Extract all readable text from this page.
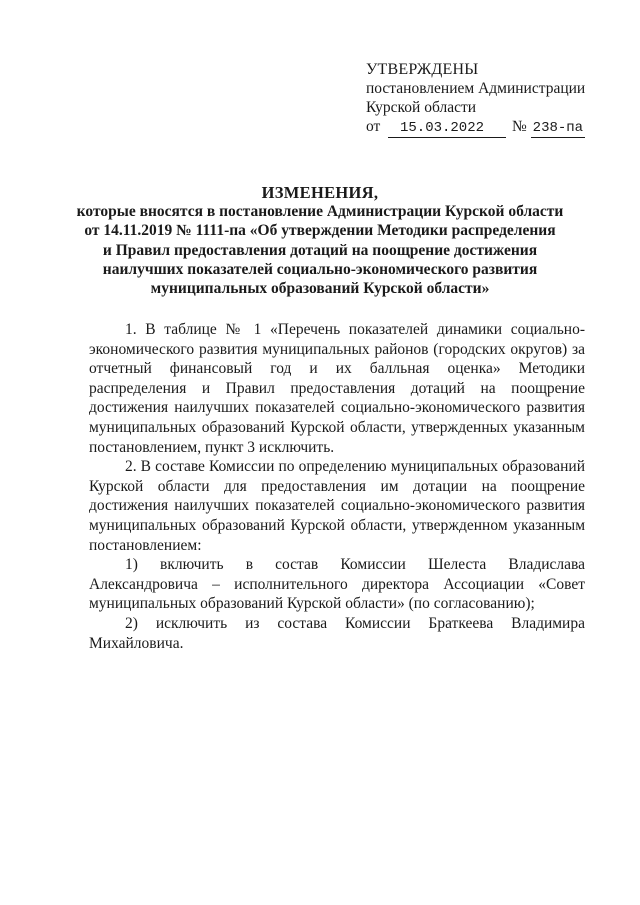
УТВЕРЖДЕНЫ
постановлением Администрации
Курской области
от 15.03.2022 № 238-па
ИЗМЕНЕНИЯ,
которые вносятся в постановление Администрации Курской области
от 14.11.2019 № 1111-па «Об утверждении Методики распределения
и Правил предоставления дотаций на поощрение достижения
наилучших показателей социально-экономического развития
муниципальных образований Курской области»

1. В таблице № 1 «Перечень показателей динамики социально-экономического развития муниципальных районов (городских округов) за отчетный финансовый год и их балльная оценка» Методики распределения и Правил предоставления дотаций на поощрение достижения наилучших показателей социально-экономического развития муниципальных образований Курской области, утвержденных указанным постановлением, пункт 3 исключить.

2. В составе Комиссии по определению муниципальных образований Курской области для предоставления им дотации на поощрение достижения наилучших показателей социально-экономического развития муниципальных образований Курской области, утвержденном указанным постановлением:

1) включить в состав Комиссии Шелеста Владислава Александровича – исполнительного директора Ассоциации «Совет муниципальных образований Курской области» (по согласованию);

2) исключить из состава Комиссии Браткеева Владимира Михайловича.
